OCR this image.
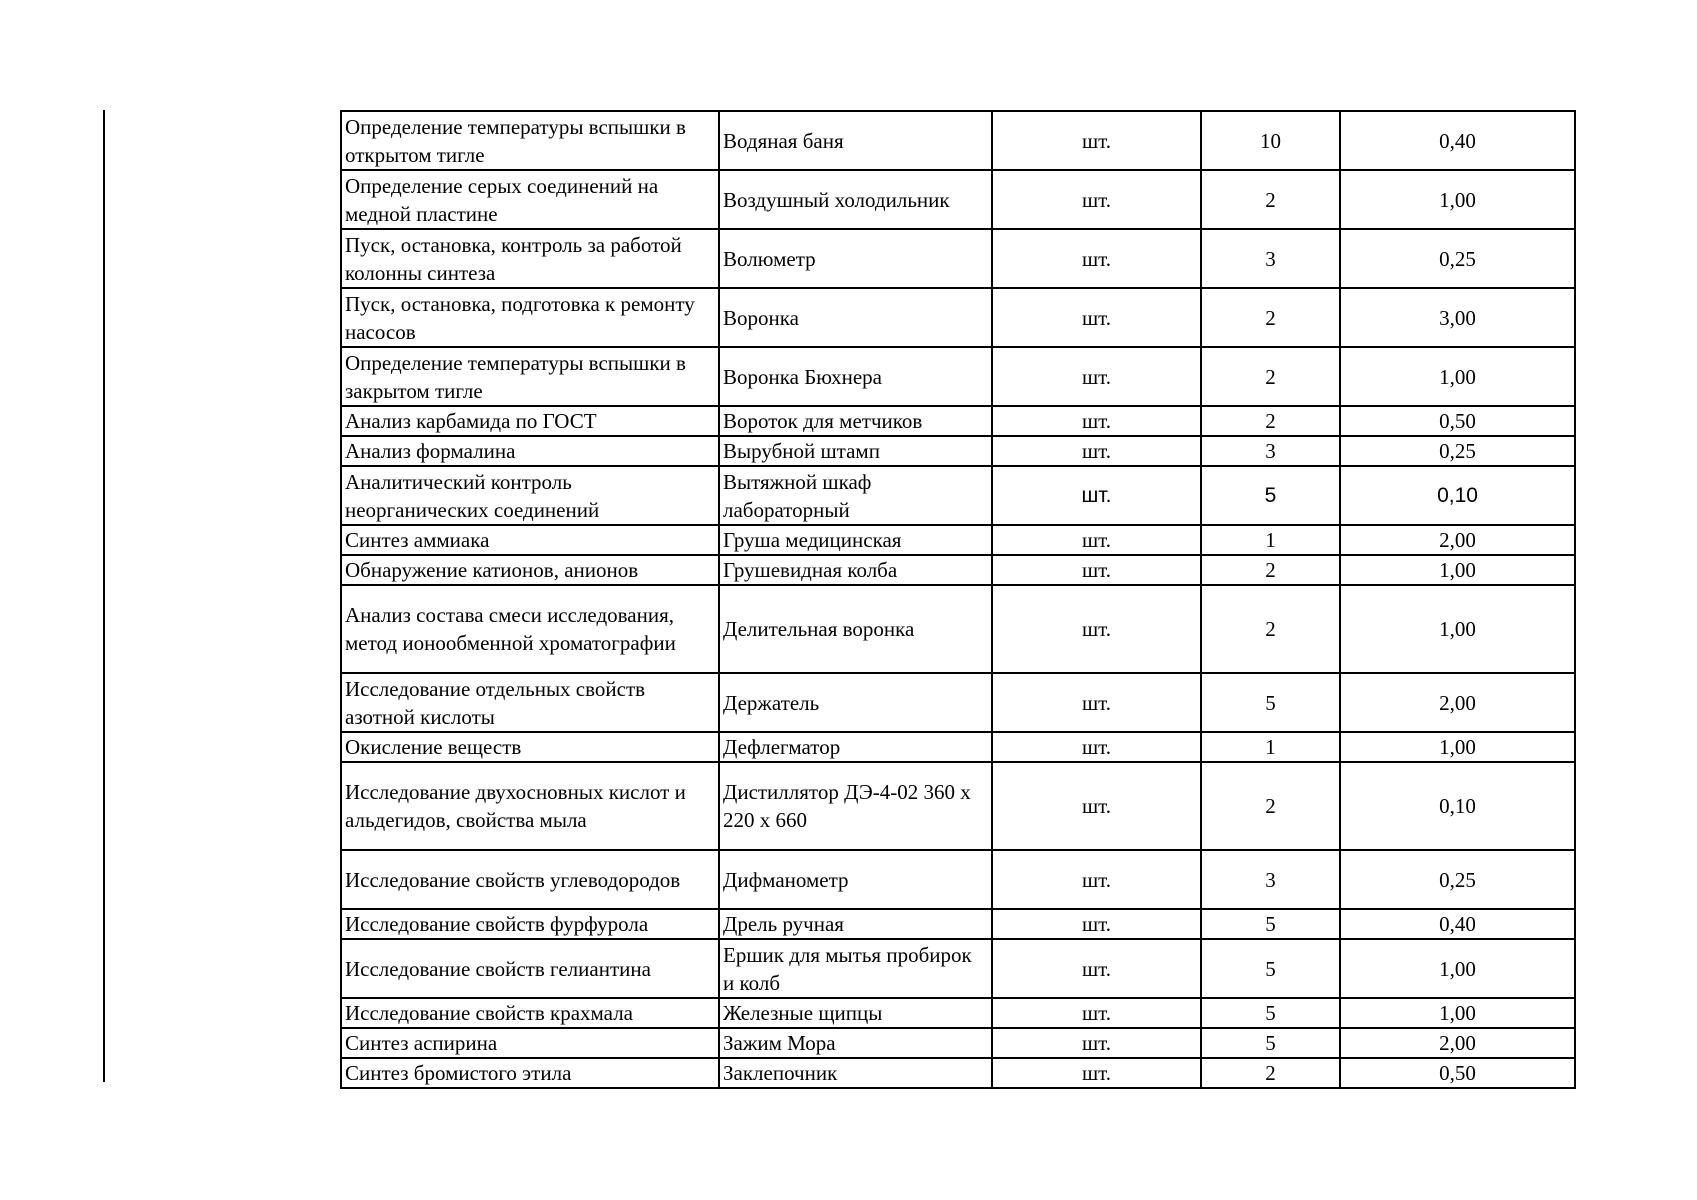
Определение температуры вспышки в открытом тигле	Водяная баня	шт.	10	0,40
Определение серых соединений на медной пластине	Воздушный холодильник	шт.	2	1,00
Пуск, остановка, контроль за работой колонны синтеза	Волюметр	шт.	3	0,25
Пуск, остановка, подготовка к ремонту насосов	Воронка	шт.	2	3,00
Определение температуры вспышки в закрытом тигле	Воронка Бюхнера	шт.	2	1,00
Анализ карбамида по ГОСТ	Вороток для метчиков	шт.	2	0,50
Анализ формалина	Вырубной штамп	шт.	3	0,25
Аналитический контроль неорганических соединений	Вытяжной шкаф лабораторный	шт.	5	0,10
Синтез аммиака	Груша медицинская	шт.	1	2,00
Обнаружение катионов, анионов	Грушевидная колба	шт.	2	1,00
Анализ состава смеси исследования, метод ионообменной хроматографии	Делительная воронка	шт.	2	1,00
Исследование отдельных свойств азотной кислоты	Держатель	шт.	5	2,00
Окисление веществ	Дефлегматор	шт.	1	1,00
Исследование двухосновных кислот и альдегидов, свойства мыла	Дистиллятор ДЭ-4-02 360 х 220 х 660	шт.	2	0,10
Исследование свойств углеводородов	Дифманометр	шт.	3	0,25
Исследование свойств фурфурола	Дрель ручная	шт.	5	0,40
Исследование свойств гелиантина	Ершик для мытья пробирок и колб	шт.	5	1,00
Исследование свойств крахмала	Железные щипцы	шт.	5	1,00
Синтез аспирина	Зажим Мора	шт.	5	2,00
Синтез бромистого этила	Заклепочник	шт.	2	0,50
